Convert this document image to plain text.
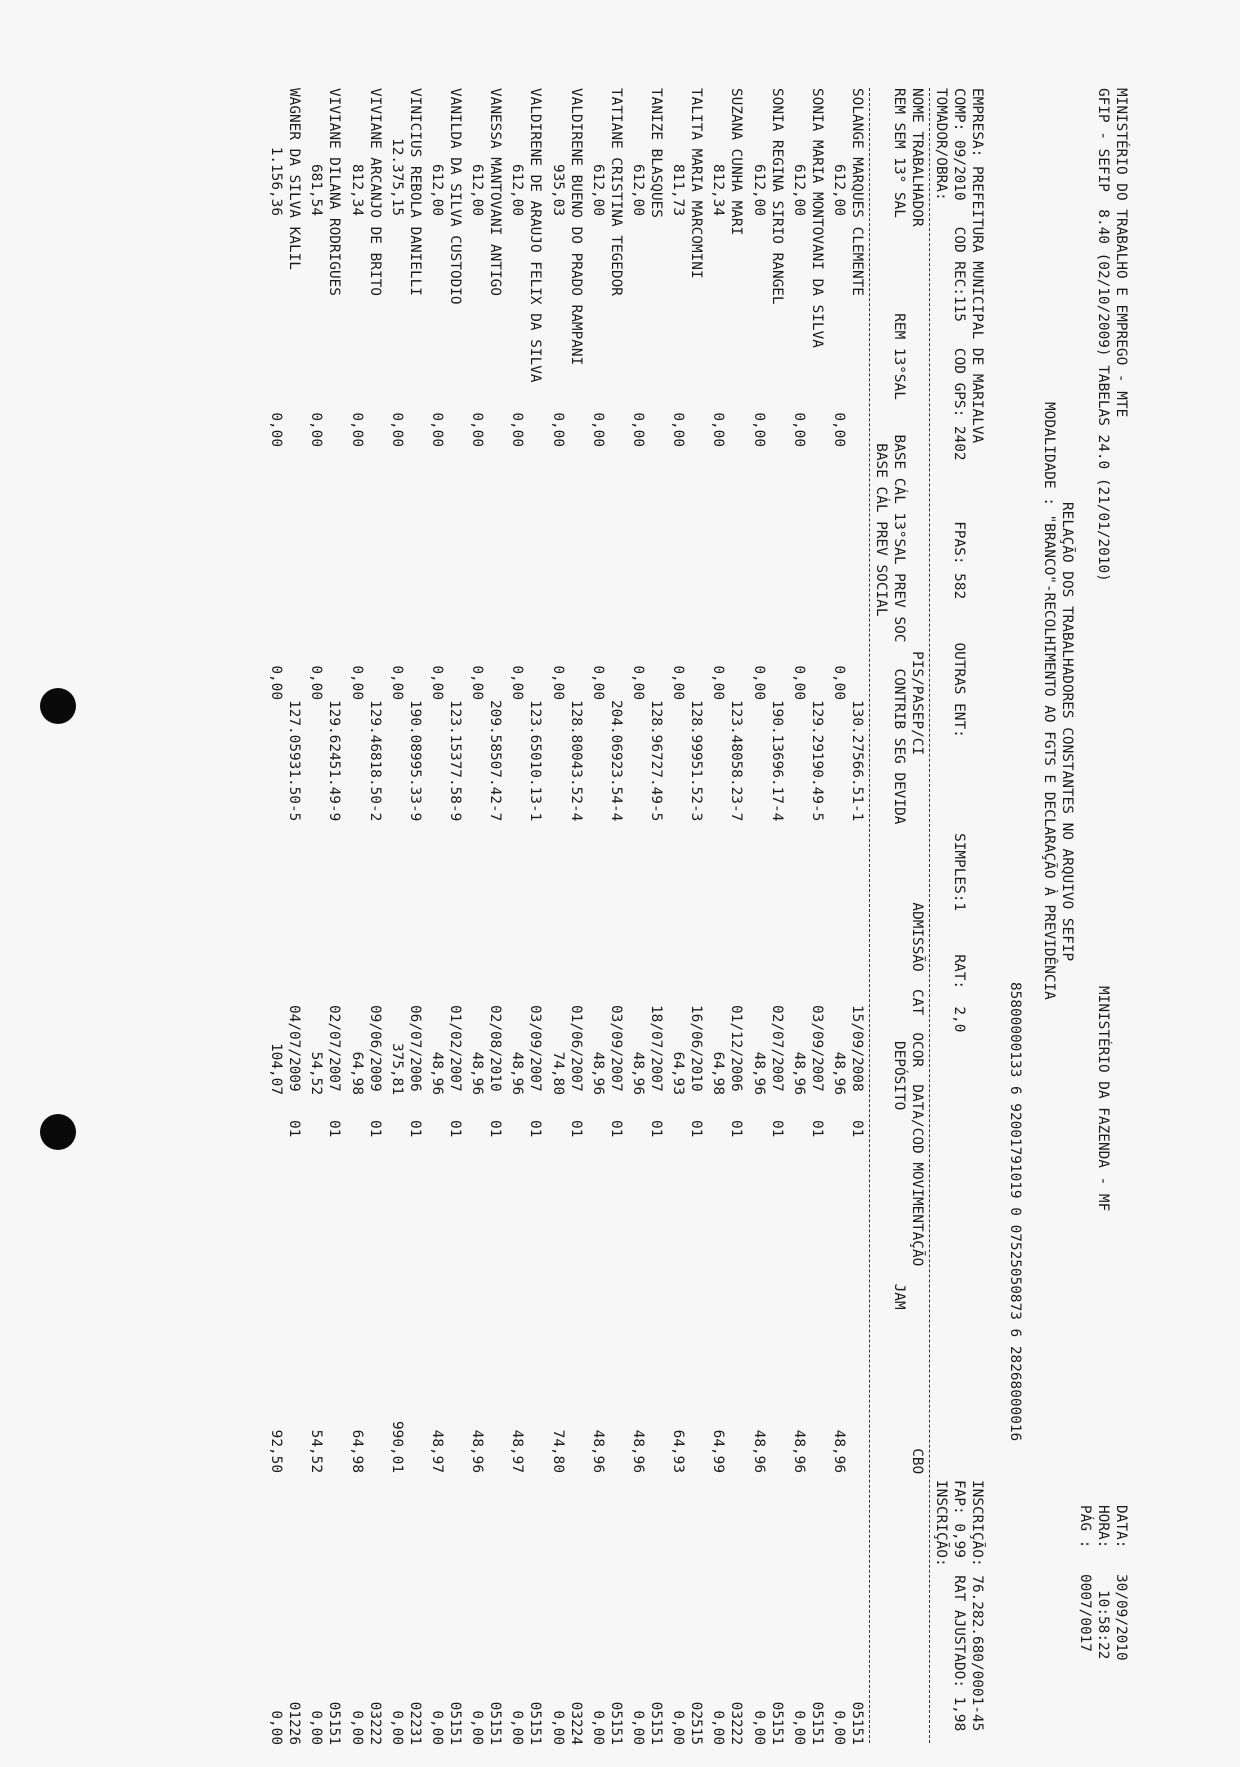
MINISTÉRIO DO TRABALHO E EMPREGO - MTE

GFIP - SEFIP  8.40 (02/10/2009) TABELAS 24.0 (21/01/2010)

MINISTÉRIO DA FAZENDA - MF

DATA:

30/09/2010

HORA:

10:58:22

PÁG :

0007/0017

RELAÇÃO DOS TRABALHADORES CONSTANTES NO ARQUIVO SEFIP

MODALIDADE : "BRANCO"-RECOLHIMENTO AO FGTS E DECLARAÇÃO À PREVIDÊNCIA

85800000133 6 92001791019 0 07525050873 6 28268000016

EMPRESA: PREFEITURA MUNICIPAL DE MARIALVA

INSCRIÇÃO: 76.282.680/0001-45

COMP: 09/2010   COD REC:115   COD GPS: 2402       FPAS: 582     OUTRAS ENT:           SIMPLES:1     RAT:  2,0

FAP: 0,99  RAT AJUSTADO: 1,98

TOMADOR/OBRA:

INSCRIÇÃO:

NOME TRABALHADOR                                                 PIS/PASEP/CI                 ADMISSÃO  CAT  OCOR  DATA/COD MOVIMENTAÇÃO                     CBO

REM SEM 13° SAL           REM 13°SAL    BASE CÁL 13°SAL PREV SOC   CONTRIB SEG DEVIDA                         DEPÓSITO                    JAM

BASE CÁL PREV SOCIAL

SOLANGE MARQUES CLEMENTE
130.27566.51-1
15/09/2008
01
05151
612,00
0,00
0,00
48,96
48,96
0,00
SONIA MARIA MONTOVANI DA SILVA
129.29190.49-5
03/09/2007
01
05151
612,00
0,00
0,00
48,96
48,96
0,00
SONIA REGINA SIRIO RANGEL
190.13696.17-4
02/07/2007
01
05151
612,00
0,00
0,00
48,96
48,96
0,00
SUZANA CUNHA MARI
123.48058.23-7
01/12/2006
01
03222
812,34
0,00
0,00
64,98
64,99
0,00
TALITA MARIA MARCOMINI
128.99951.52-3
16/06/2010
01
02515
811,73
0,00
0,00
64,93
64,93
0,00
TANIZE BLASQUES
128.96727.49-5
18/07/2007
01
05151
612,00
0,00
0,00
48,96
48,96
0,00
TATIANE CRISTINA TEGEDOR
204.06923.54-4
03/09/2007
01
05151
612,00
0,00
0,00
48,96
48,96
0,00
VALDIRENE BUENO DO PRADO RAMPANI
128.80043.52-4
01/06/2007
01
03224
935,03
0,00
0,00
74,80
74,80
0,00
VALDIRENE DE ARAUJO FELIX DA SILVA
123.65010.13-1
03/09/2007
01
05151
612,00
0,00
0,00
48,96
48,97
0,00
VANESSA MANTOVANI ANTIGO
209.58507.42-7
02/08/2010
01
05151
612,00
0,00
0,00
48,96
48,96
0,00
VANILDA DA SILVA CUSTODIO
123.15377.58-9
01/02/2007
01
05151
612,00
0,00
0,00
48,96
48,97
0,00
VINICIUS REBOLA DANIELLI
190.08995.33-9
06/07/2006
01
02231
12.375,15
0,00
0,00
375,81
990,01
0,00
VIVIANE ARCANJO DE BRITO
129.46818.50-2
09/06/2009
01
03222
812,34
0,00
0,00
64,98
64,98
0,00
VIVIANE DILANA RODRIGUES
129.62451.49-9
02/07/2007
01
05151
681,54
0,00
0,00
54,52
54,52
0,00
WAGNER DA SILVA KALIL
127.05931.50-5
04/07/2009
01
01226
1.156,36
0,00
0,00
104,07
92,50
0,00
